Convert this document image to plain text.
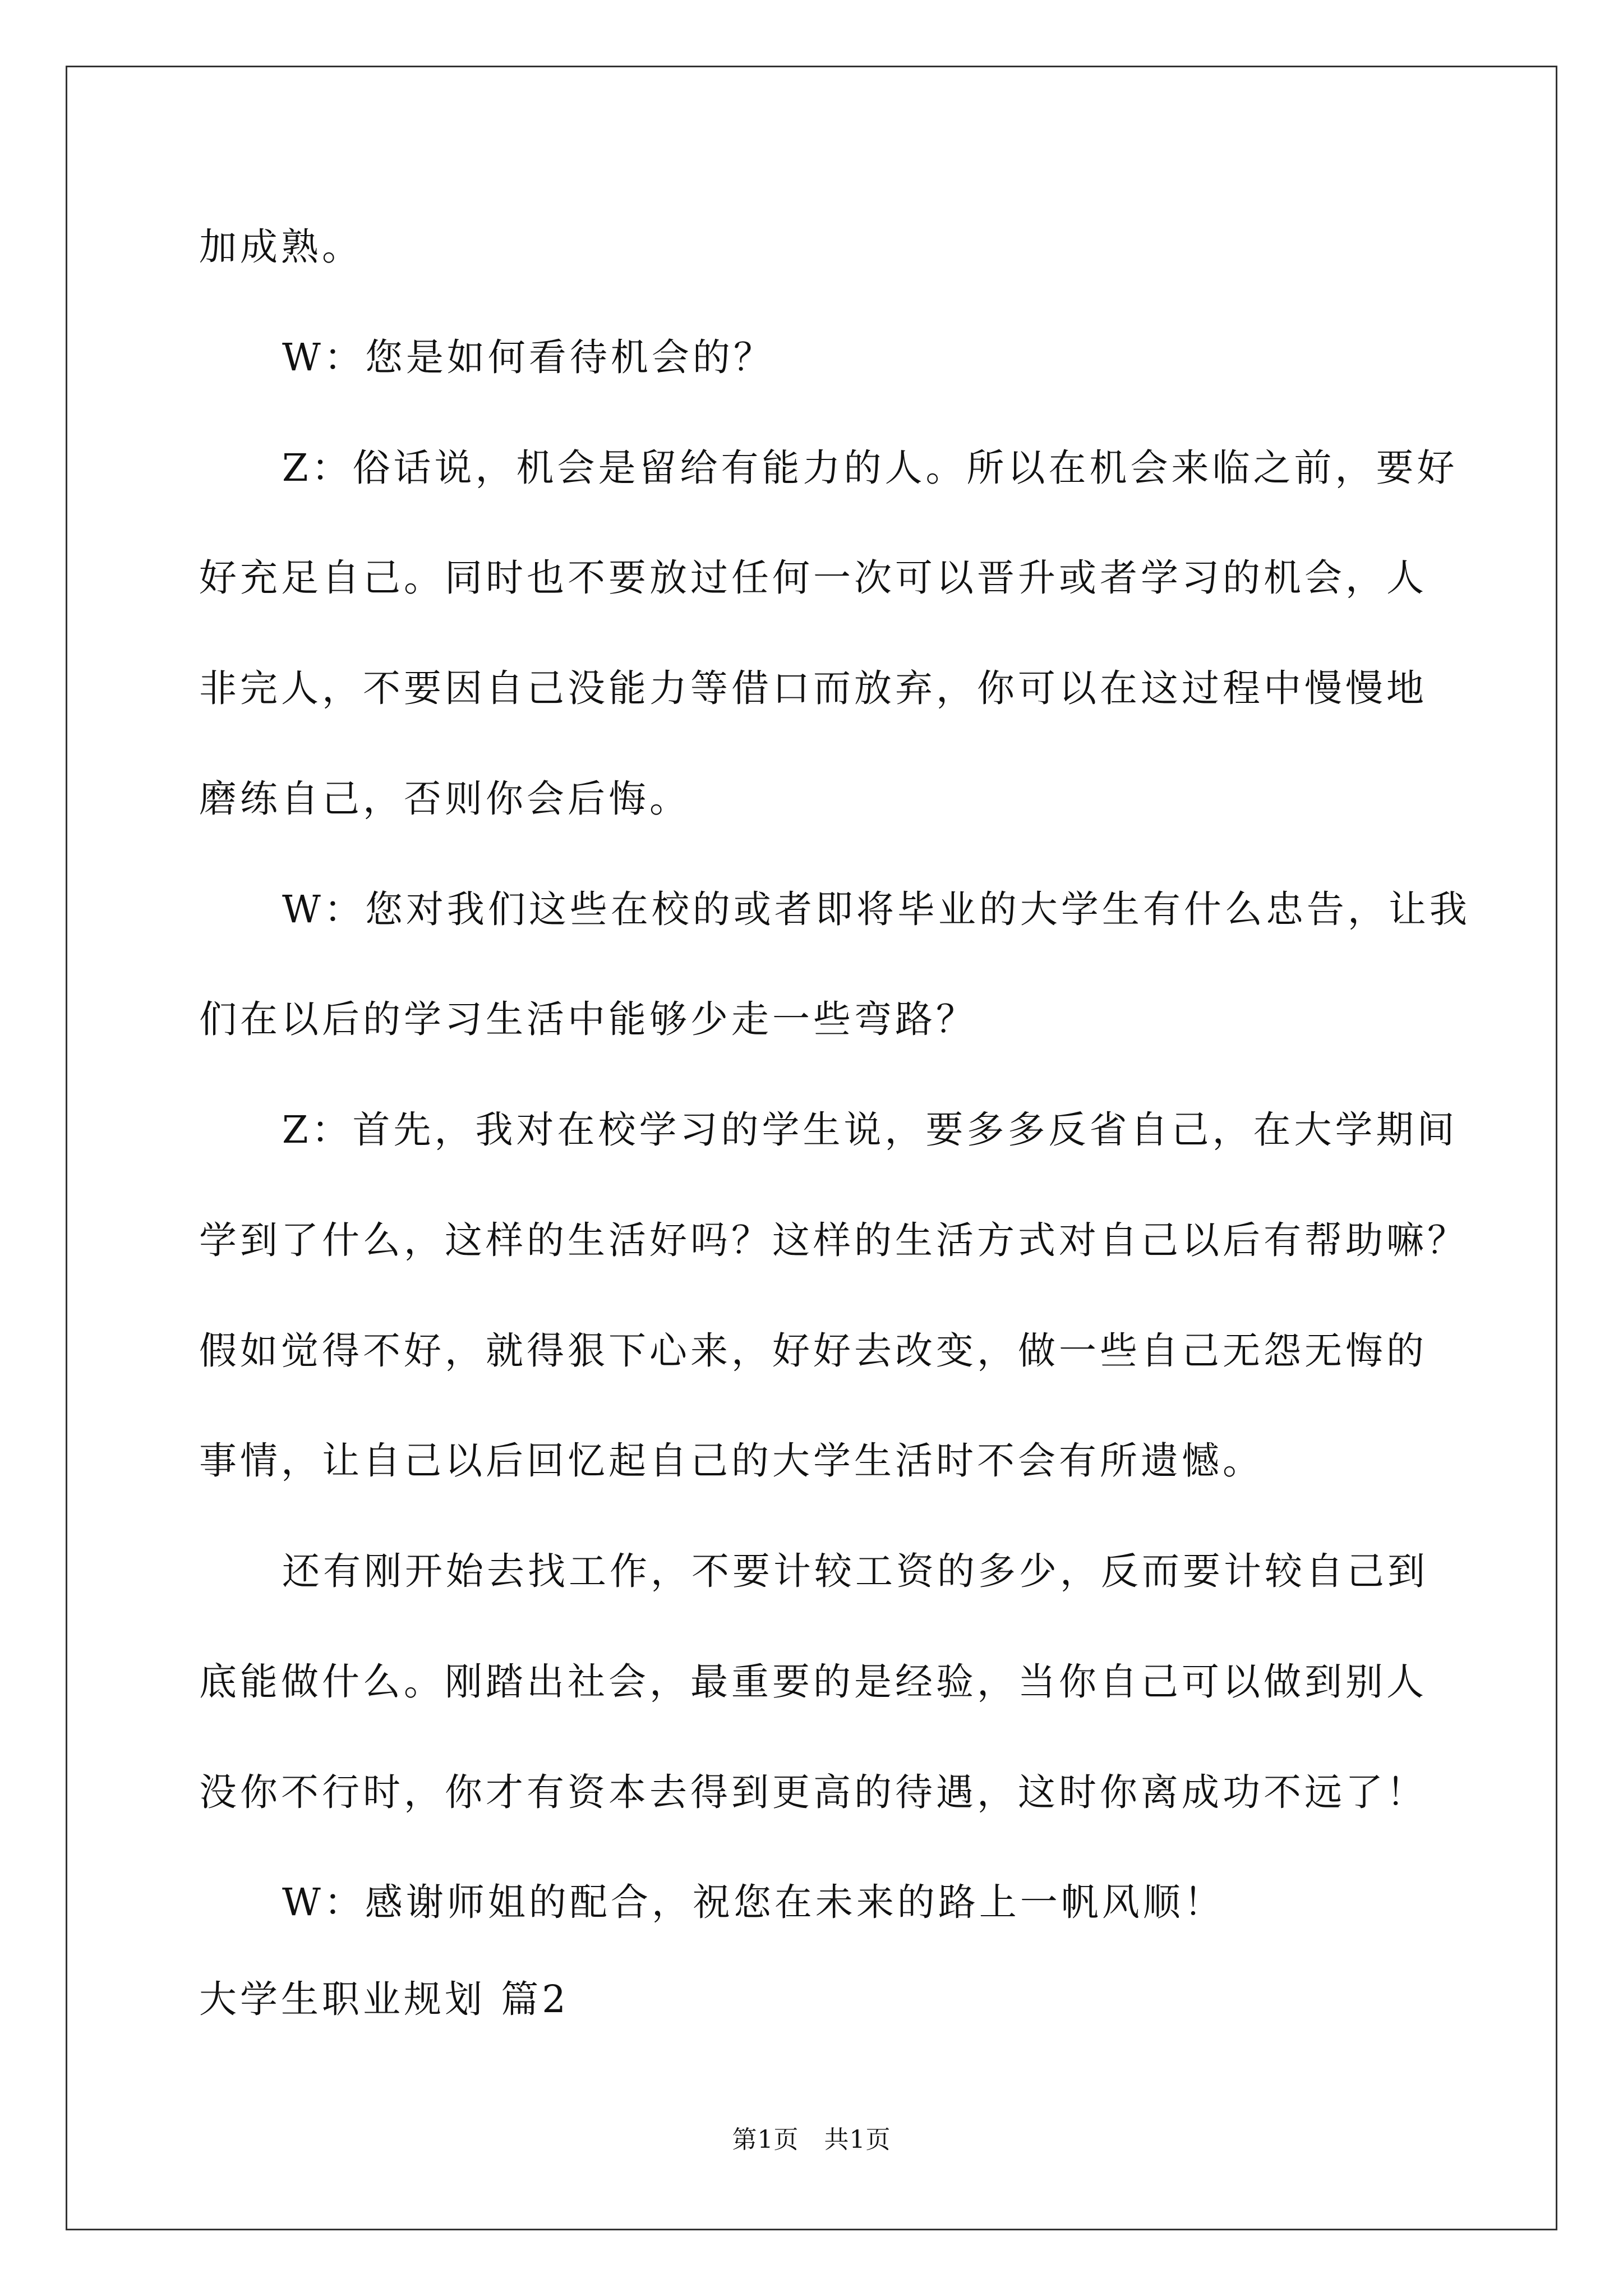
加成熟。
W：您是如何看待机会的？
Z：俗话说，机会是留给有能力的人。所以在机会来临之前，要好
好充足自己。同时也不要放过任何一次可以晋升或者学习的机会，人
非完人，不要因自己没能力等借口而放弃，你可以在这过程中慢慢地
磨练自己，否则你会后悔。
W：您对我们这些在校的或者即将毕业的大学生有什么忠告，让我
们在以后的学习生活中能够少走一些弯路？
Z：首先，我对在校学习的学生说，要多多反省自己，在大学期间
学到了什么，这样的生活好吗？这样的生活方式对自己以后有帮助嘛？
假如觉得不好，就得狠下心来，好好去改变，做一些自己无怨无悔的
事情，让自己以后回忆起自己的大学生活时不会有所遗憾。
还有刚开始去找工作，不要计较工资的多少，反而要计较自己到
底能做什么。刚踏出社会，最重要的是经验，当你自己可以做到别人
没你不行时，你才有资本去得到更高的待遇，这时你离成功不远了！
W：感谢师姐的配合，祝您在未来的路上一帆风顺！
大学生职业规划 篇2
第1页　共1页
